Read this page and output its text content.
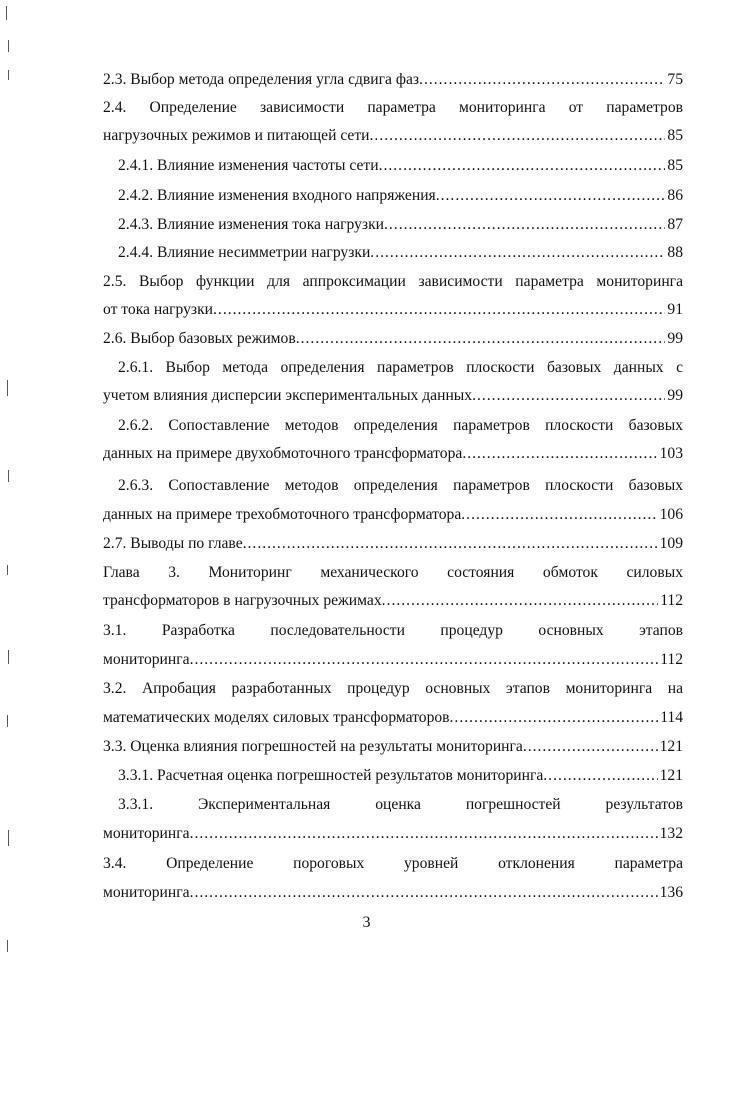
2.3. Выбор метода определения угла сдвига фаз .....	75
2.4. Определение зависимости параметра мониторинга от параметров
нагрузочных режимов и питающей сети .....	85
2.4.1. Влияние изменения частоты сети .....	85
2.4.2. Влияние изменения входного напряжения .....	86
2.4.3. Влияние изменения тока нагрузки .....	87
2.4.4. Влияние несимметрии нагрузки .....	88
2.5. Выбор функции для аппроксимации зависимости параметра мониторинга
от тока нагрузки .....	91
2.6. Выбор базовых режимов .....	99
2.6.1. Выбор метода определения параметров плоскости базовых данных с
учетом влияния дисперсии экспериментальных данных .....	99
2.6.2. Сопоставление методов определения параметров плоскости базовых
данных на примере двухобмоточного трансформатора .....	103
2.6.3. Сопоставление методов определения параметров плоскости базовых
данных на примере трехобмоточного трансформатора .....	106
2.7. Выводы по главе .....	109
Глава 3. Мониторинг механического состояния обмоток силовых
трансформаторов в нагрузочных режимах .....	112
3.1. Разработка последовательности процедур основных этапов
мониторинга .....	112
3.2. Апробация разработанных процедур основных этапов мониторинга на
математических моделях силовых трансформаторов .....	114
3.3. Оценка влияния погрешностей на результаты мониторинга .....	121
3.3.1. Расчетная оценка погрешностей результатов мониторинга .....	121
3.3.1. Экспериментальная оценка погрешностей результатов
мониторинга .....	132
3.4. Определение пороговых уровней отклонения параметра
мониторинга .....	136
3
